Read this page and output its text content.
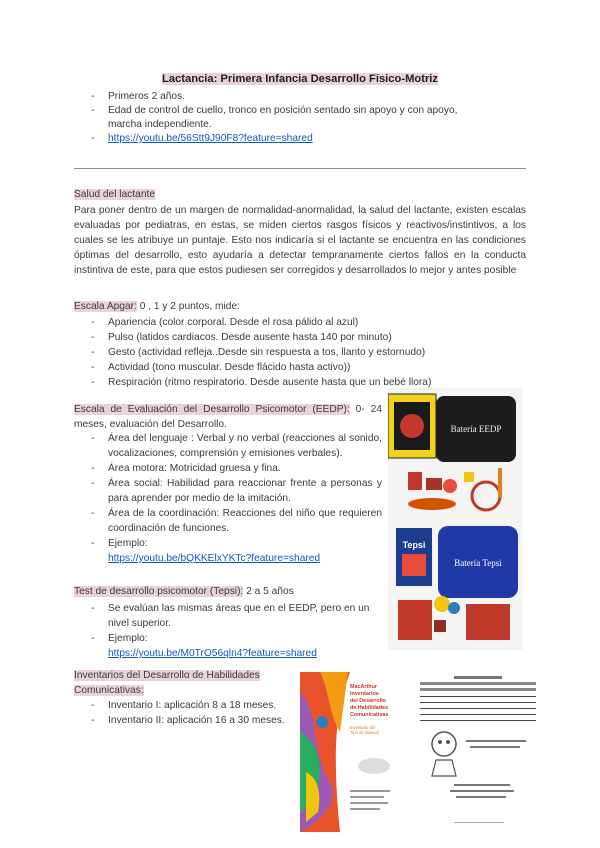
Lactancia: Primera Infancia Desarrollo Físico-Motriz
- Primeros 2 años.
- Edad de control de cuello, tronco en posición sentado sin apoyo y con apoyo, marcha independiente.
- https://youtu.be/56Stt9J90F8?feature=shared
Salud del lactante
Para poner dentro de un margen de normalidad-anormalidad, la salud del lactante, existen escalas evaluadas por pediatras, en estas, se miden ciertos rasgos físicos y reactivos/instintivos, a los cuales se les atribuye un puntaje. Esto nos indicaría si el lactante se encuentra en las condiciones óptimas del desarrollo, esto ayudaría a detectar tempranamente ciertos fallos en la conducta instintiva de este, para que estos pudiesen ser corregidos y desarrollados lo mejor y antes posible
Escala Apgar: 0 , 1 y 2 puntos, mide:
- Apariencia (color corporal. Desde el rosa pálido al azul)
- Pulso (latidos cardiacos. Desde ausente hasta 140 por minuto)
- Gesto (actividad refleja..Desde sin respuesta a tos, llanto y estornudo)
- Actividad (tono muscular. Desde flácido hasta activo))
- Respiración (ritmo respiratorio. Desde ausente hasta que un bebé llora)
Escala de Evaluación del Desarrollo Psicomotor (EEDP): 0- 24 meses, evaluación del Desarrollo.
- Área del lenguaje : Verbal y no verbal (reacciones al sonido, vocalizaciones, comprensión y emisiones verbales).
- Área motora: Motricidad gruesa y fina.
- Área social: Habilidad para reaccionar frente a personas y para aprender por medio de la imitación.
- Área de la coordinación: Reacciones del niño que requieren coordinación de funciones.
- Ejemplo:
https://youtu.be/bQKKElxYKTc?feature=shared
Batería EEDP
Test de desarrollo psicomotor (Tepsi): 2 a 5 años
- Se evalúan las mismas áreas que en el EEDP, pero en un nivel superior.
- Ejemplo:
https://youtu.be/M0TrO56qln4?feature=shared
Tepsi
Batería Tepsi
Inventarios del Desarrollo de Habilidades Comunicativas:
- Inventario I: aplicación 8 a 18 meses.
- Inventario II: aplicación 16 a 30 meses.
MacArthur Inventarios del Desarrollo de Habilidades Comunicativas
Inventario del Tipo de Manual
